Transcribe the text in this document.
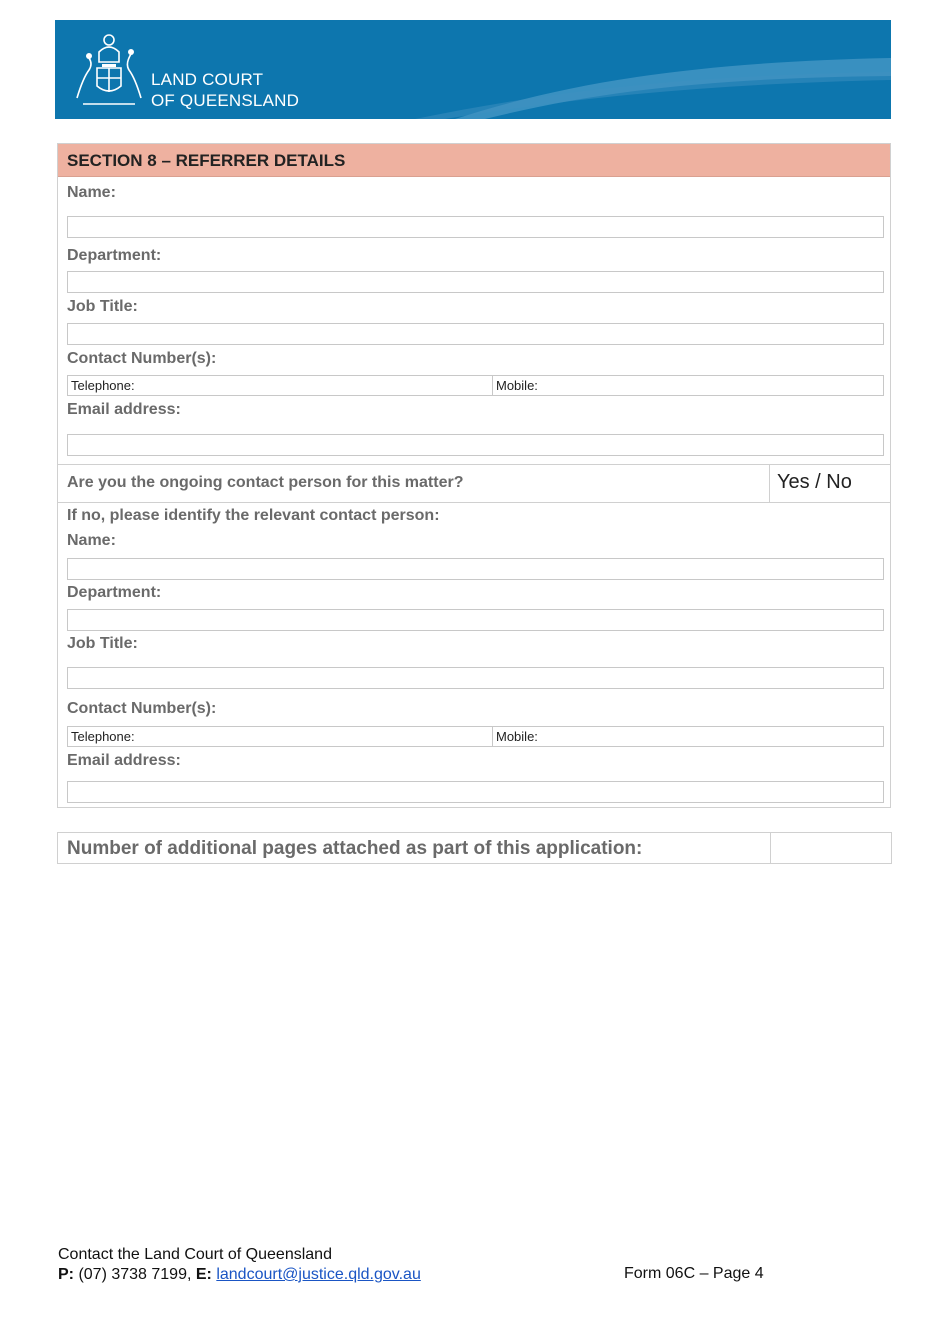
LAND COURT
OF QUEENSLAND
SECTION 8 – REFERRER DETAILS
Name:
Department:
Job Title:
Contact Number(s):
Telephone:	Mobile:
Email address:
Are you the ongoing contact person for this matter?	Yes / No
If no, please identify the relevant contact person:
Name:
Department:
Job Title:
Contact Number(s):
Telephone:	Mobile:
Email address:
Number of additional pages attached as part of this application:
Contact the Land Court of Queensland
P: (07) 3738 7199, E: landcourt@justice.qld.gov.au	Form 06C – Page 4
